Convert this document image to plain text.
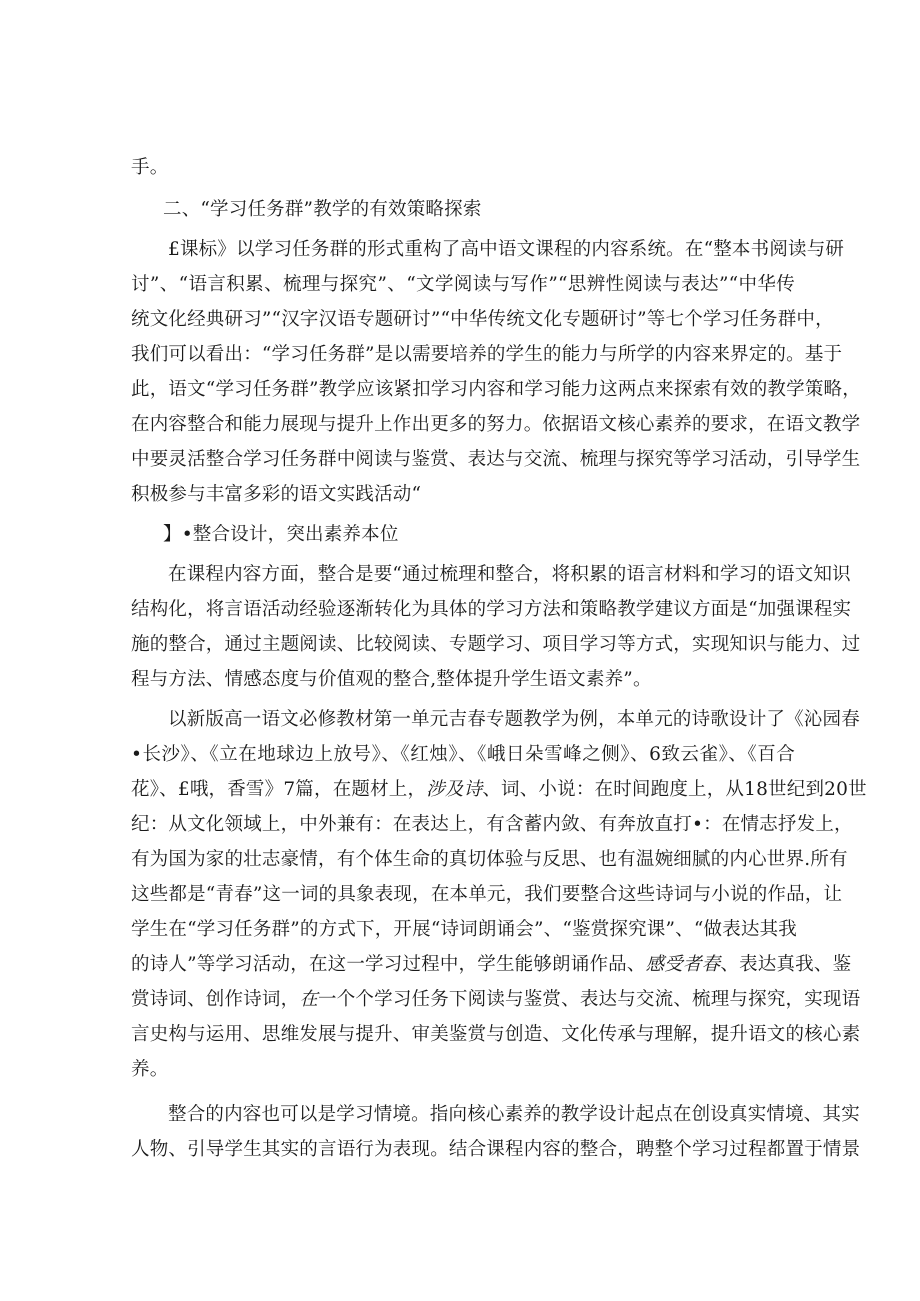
手。
二、“学习任务群”教学的有效策略探索
£课标》以学习任务群的形式重构了高中语文课程的内容系统。在“整本书阅读与研
讨”、“语言积累、梳理与探究”、“文学阅读与写作”“思辨性阅读与表达”“中华传
统文化经典研习”“汉字汉语专题研讨”“中华传统文化专题研讨”等七个学习任务群中，
我们可以看出：“学习任务群”是以需要培养的学生的能力与所学的内容来界定的。基于
此，语文“学习任务群”教学应该紧扣学习内容和学习能力这两点来探索有效的教学策略，
在内容整合和能力展现与提升上作出更多的努力。依据语文核心素养的要求，在语文教学
中要灵活整合学习任务群中阅读与鉴赏、表达与交流、梳理与探究等学习活动，引导学生
积极参与丰富多彩的语文实践活动“
】•整合设计，突出素养本位
在课程内容方面，整合是要“通过梳理和整合，将积累的语言材料和学习的语文知识
结构化，将言语活动经验逐渐转化为具体的学习方法和策略教学建议方面是“加强课程实
施的整合，通过主题阅读、比较阅读、专题学习、项目学习等方式，实现知识与能力、过
程与方法、情感态度与价值观的整合,整体提升学生语文素养”。
以新版高一语文必修教材第一单元吉春专题教学为例，本单元的诗歌设计了《沁园春
•长沙》、《立在地球边上放号》、《红烛》、《峨日朵雪峰之侧》、6致云雀》、《百合
花》、£哦，香雪》7篇，在题材上，涉及诗、词、小说：在时间跑度上，从18世纪到20世
纪：从文化领域上，中外兼有：在表达上，有含蓄内敛、有奔放直打•：在情志抒发上，
有为国为家的壮志豪情，有个体生命的真切体验与反思、也有温婉细腻的内心世界.所有
这些都是“青春”这一词的具象表现，在本单元，我们要整合这些诗词与小说的作品，让
学生在“学习任务群”的方式下，开展“诗词朗诵会”、“鉴赏探究课”、“做表达其我
的诗人”等学习活动，在这一学习过程中，学生能够朗诵作品、感受者春、表达真我、鉴
赏诗词、创作诗词，在一个个学习任务下阅读与鉴赏、表达与交流、梳理与探究，实现语
言史构与运用、思维发展与提升、审美鉴赏与创造、文化传承与理解，提升语文的核心素
养。
整合的内容也可以是学习情境。指向核心素养的教学设计起点在创设真实情境、其实
人物、引导学生其实的言语行为表现。结合课程内容的整合，聘整个学习过程都置于情景
